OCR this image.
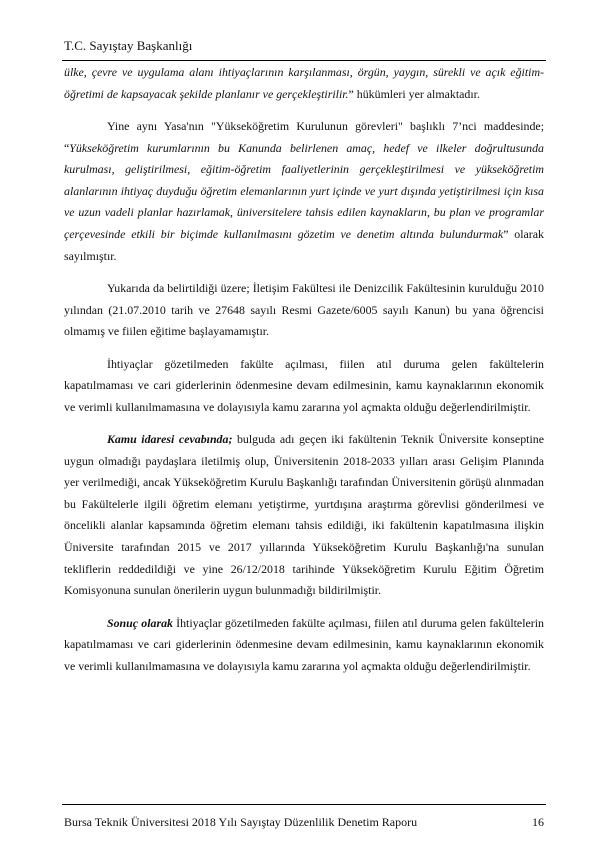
T.C. Sayıştay Başkanlığı

ülke, çevre ve uygulama alanı ihtiyaçlarının karşılanması, örgün, yaygın, sürekli ve açık eğitim-öğretimi de kapsayacak şekilde planlanır ve gerçekleştirilir.” hükümleri yer almaktadır.

Yine aynı Yasa'nın "Yükseköğretim Kurulunun görevleri" başlıklı 7’nci maddesinde; “Yükseköğretim kurumlarının bu Kanunda belirlenen amaç, hedef ve ilkeler doğrultusunda kurulması, geliştirilmesi, eğitim-öğretim faaliyetlerinin gerçekleştirilmesi ve yükseköğretim alanlarının ihtiyaç duyduğu öğretim elemanlarının yurt içinde ve yurt dışında yetiştirilmesi için kısa ve uzun vadeli planlar hazırlamak, üniversitelere tahsis edilen kaynakların, bu plan ve programlar çerçevesinde etkili bir biçimde kullanılmasını gözetim ve denetim altında bulundurmak” olarak sayılmıştır.

Yukarıda da belirtildiği üzere; İletişim Fakültesi ile Denizcilik Fakültesinin kurulduğu 2010 yılından (21.07.2010 tarih ve 27648 sayılı Resmi Gazete/6005 sayılı Kanun) bu yana öğrencisi olmamış ve fiilen eğitime başlayamamıştır.

İhtiyaçlar gözetilmeden fakülte açılması, fiilen atıl duruma gelen fakültelerin kapatılmaması ve cari giderlerinin ödenmesine devam edilmesinin, kamu kaynaklarının ekonomik ve verimli kullanılmamasına ve dolayısıyla kamu zararına yol açmakta olduğu değerlendirilmiştir.

Kamu idaresi cevabında; bulguda adı geçen iki fakültenin Teknik Üniversite konseptine uygun olmadığı paydaşlara iletilmiş olup, Üniversitenin 2018-2033 yılları arası Gelişim Planında yer verilmediği, ancak Yükseköğretim Kurulu Başkanlığı tarafından Üniversitenin görüşü alınmadan bu Fakültelerle ilgili öğretim elemanı yetiştirme, yurtdışına araştırma görevlisi gönderilmesi ve öncelikli alanlar kapsamında öğretim elemanı tahsis edildiği, iki fakültenin kapatılmasına ilişkin Üniversite tarafından 2015 ve 2017 yıllarında Yükseköğretim Kurulu Başkanlığı'na sunulan tekliflerin reddedildiği ve yine 26/12/2018 tarihinde Yükseköğretim Kurulu Eğitim Öğretim Komisyonuna sunulan önerilerin uygun bulunmadığı bildirilmiştir.

Sonuç olarak İhtiyaçlar gözetilmeden fakülte açılması, fiilen atıl duruma gelen fakültelerin kapatılmaması ve cari giderlerinin ödenmesine devam edilmesinin, kamu kaynaklarının ekonomik ve verimli kullanılmamasına ve dolayısıyla kamu zararına yol açmakta olduğu değerlendirilmiştir.

Bursa Teknik Üniversitesi 2018 Yılı Sayıştay Düzenlilik Denetim Raporu	16
